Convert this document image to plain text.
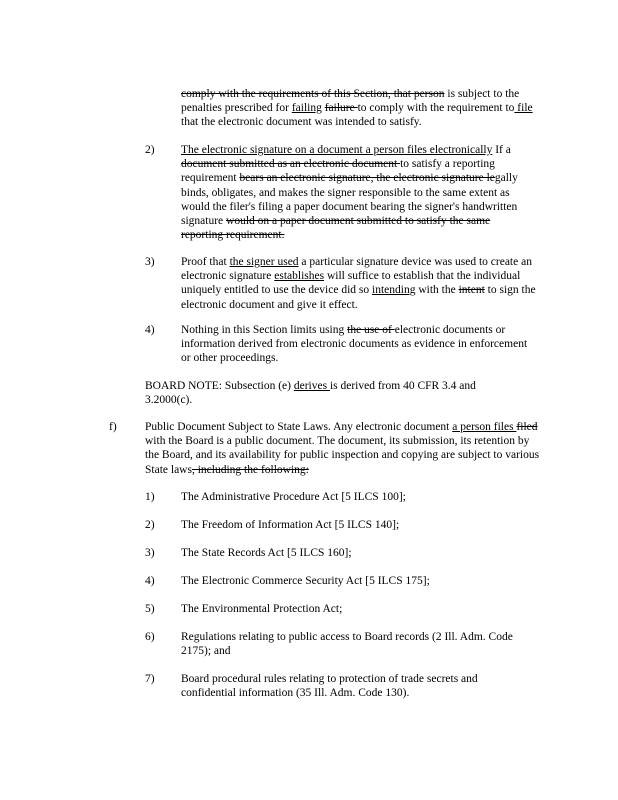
comply with the requirements of this Section, that person is subject to the penalties prescribed for failing failure to comply with the requirement to file that the electronic document was intended to satisfy.
2) The electronic signature on a document a person files electronically If a document submitted as an electronic document to satisfy a reporting requirement bears an electronic signature, the electronic signature legally binds, obligates, and makes the signer responsible to the same extent as would the filer's filing a paper document bearing the signer's handwritten signature would on a paper document submitted to satisfy the same reporting requirement.
3) Proof that the signer used a particular signature device was used to create an electronic signature establishes will suffice to establish that the individual uniquely entitled to use the device did so intending with the intent to sign the electronic document and give it effect.
4) Nothing in this Section limits using the use of electronic documents or information derived from electronic documents as evidence in enforcement or other proceedings.
BOARD NOTE: Subsection (e) derives is derived from 40 CFR 3.4 and 3.2000(c).
f) Public Document Subject to State Laws. Any electronic document a person files filed with the Board is a public document. The document, its submission, its retention by the Board, and its availability for public inspection and copying are subject to various State laws, including the following:
1) The Administrative Procedure Act [5 ILCS 100];
2) The Freedom of Information Act [5 ILCS 140];
3) The State Records Act [5 ILCS 160];
4) The Electronic Commerce Security Act [5 ILCS 175];
5) The Environmental Protection Act;
6) Regulations relating to public access to Board records (2 Ill. Adm. Code 2175); and
7) Board procedural rules relating to protection of trade secrets and confidential information (35 Ill. Adm. Code 130).
